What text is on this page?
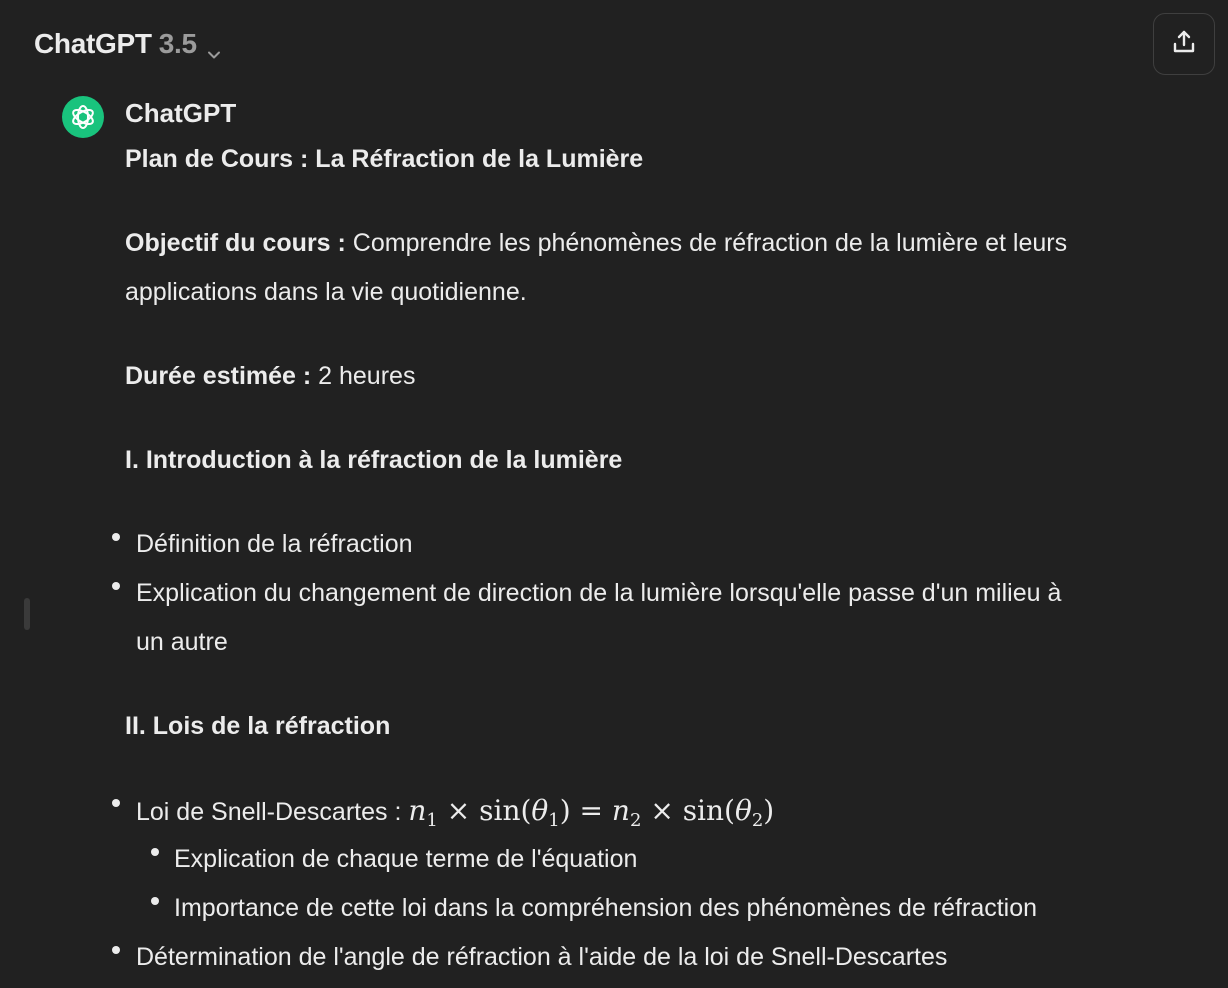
ChatGPT 3.5
ChatGPT
Plan de Cours : La Réfraction de la Lumière
Objectif du cours : Comprendre les phénomènes de réfraction de la lumière et leurs
applications dans la vie quotidienne.
Durée estimée : 2 heures
I. Introduction à la réfraction de la lumière
Définition de la réfraction
Explication du changement de direction de la lumière lorsqu'elle passe d'un milieu à
un autre
II. Lois de la réfraction
Loi de Snell-Descartes : $n_1 \times \sin(\theta_1) = n_2 \times \sin(\theta_2)$
Explication de chaque terme de l'équation
Importance de cette loi dans la compréhension des phénomènes de réfraction
Détermination de l'angle de réfraction à l'aide de la loi de Snell-Descartes
